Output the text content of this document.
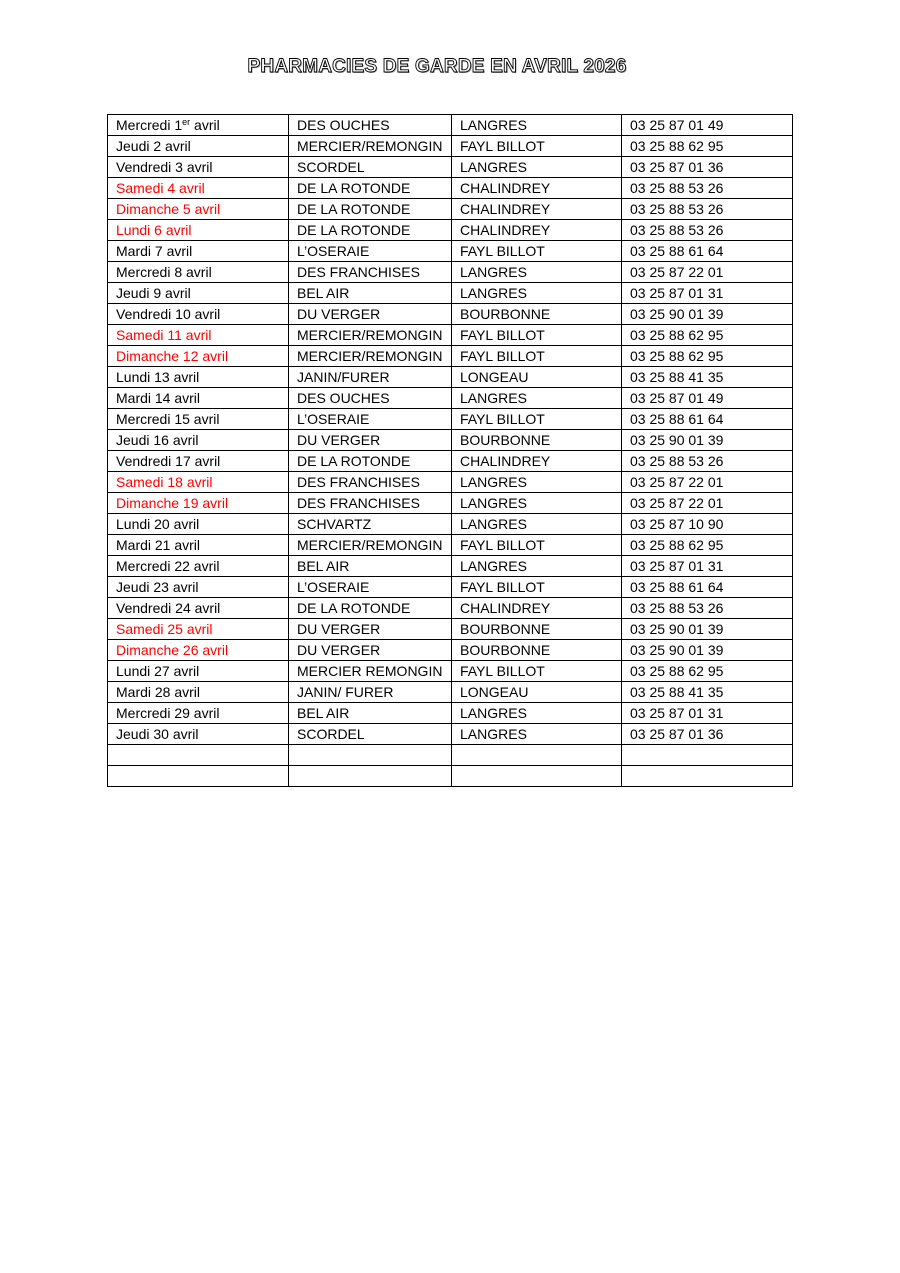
PHARMACIES DE GARDE EN AVRIL 2026
Mercredi 1er avril	DES OUCHES	LANGRES	03 25 87 01 49
Jeudi 2 avril	MERCIER/REMONGIN	FAYL BILLOT	03 25 88 62 95
Vendredi 3 avril	SCORDEL	LANGRES	03 25 87 01 36
Samedi 4 avril	DE LA ROTONDE	CHALINDREY	03 25 88 53 26
Dimanche 5 avril	DE LA ROTONDE	CHALINDREY	03 25 88 53 26
Lundi 6 avril	DE LA ROTONDE	CHALINDREY	03 25 88 53 26
Mardi 7 avril	L’OSERAIE	FAYL BILLOT	03 25 88 61 64
Mercredi 8 avril	DES FRANCHISES	LANGRES	03 25 87 22 01
Jeudi 9 avril	BEL AIR	LANGRES	03 25 87 01 31
Vendredi 10 avril	DU VERGER	BOURBONNE	03 25 90 01 39
Samedi 11 avril	MERCIER/REMONGIN	FAYL BILLOT	03 25 88 62 95
Dimanche 12 avril	MERCIER/REMONGIN	FAYL BILLOT	03 25 88 62 95
Lundi 13 avril	JANIN/FURER	LONGEAU	03 25 88 41 35
Mardi 14 avril	DES OUCHES	LANGRES	03 25 87 01 49
Mercredi 15 avril	L’OSERAIE	FAYL BILLOT	03 25 88 61 64
Jeudi 16 avril	DU VERGER	BOURBONNE	03 25 90 01 39
Vendredi 17 avril	DE LA ROTONDE	CHALINDREY	03 25 88 53 26
Samedi 18 avril	DES FRANCHISES	LANGRES	03 25 87 22 01
Dimanche 19 avril	DES FRANCHISES	LANGRES	03 25 87 22 01
Lundi 20 avril	SCHVARTZ	LANGRES	03 25 87 10 90
Mardi 21 avril	MERCIER/REMONGIN	FAYL BILLOT	03 25 88 62 95
Mercredi 22 avril	BEL AIR	LANGRES	03 25 87 01 31
Jeudi 23 avril	L’OSERAIE	FAYL BILLOT	03 25 88 61 64
Vendredi 24 avril	DE LA ROTONDE	CHALINDREY	03 25 88 53 26
Samedi 25 avril	DU VERGER	BOURBONNE	03 25 90 01 39
Dimanche 26 avril	DU VERGER	BOURBONNE	03 25 90 01 39
Lundi 27 avril	MERCIER REMONGIN	FAYL BILLOT	03 25 88 62 95
Mardi 28 avril	JANIN/ FURER	LONGEAU	03 25 88 41 35
Mercredi 29 avril	BEL AIR	LANGRES	03 25 87 01 31
Jeudi 30 avril	SCORDEL	LANGRES	03 25 87 01 36
